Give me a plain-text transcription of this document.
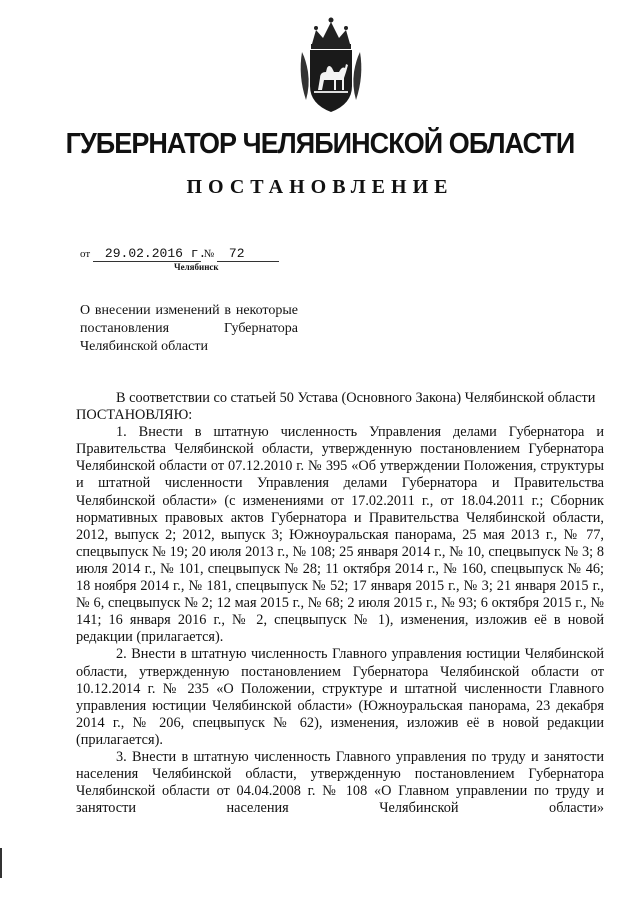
ГУБЕРНАТОР ЧЕЛЯБИНСКОЙ ОБЛАСТИ
ПОСТАНОВЛЕНИЕ
от 29.02.2016 г. № 72
Челябинск
О внесении изменений в некоторые постановления Губернатора Челябинской области

В соответствии со статьей 50 Устава (Основного Закона) Челябинской области

ПОСТАНОВЛЯЮ:

1. Внести в штатную численность Управления делами Губернатора и Правительства Челябинской области, утвержденную постановлением Губернатора Челябинской области от 07.12.2010 г. № 395 «Об утверждении Положения, структуры и штатной численности Управления делами Губернатора и Правительства Челябинской области» (с изменениями от 17.02.2011 г., от 18.04.2011 г.; Сборник нормативных правовых актов Губернатора и Правительства Челябинской области, 2012, выпуск 2; 2012, выпуск 3; Южноуральская панорама, 25 мая 2013 г., № 77, спецвыпуск № 19; 20 июля 2013 г., № 108; 25 января 2014 г., № 10, спецвыпуск № 3; 8 июля 2014 г., № 101, спецвыпуск № 28; 11 октября 2014 г., № 160, спецвыпуск № 46; 18 ноября 2014 г., № 181, спецвыпуск № 52; 17 января 2015 г., № 3; 21 января 2015 г., № 6, спецвыпуск № 2; 12 мая 2015 г., № 68; 2 июля 2015 г., № 93; 6 октября 2015 г., № 141; 16 января 2016 г., № 2, спецвыпуск № 1), изменения, изложив её в новой редакции (прилагается).

2. Внести в штатную численность Главного управления юстиции Челябинской области, утвержденную постановлением Губернатора Челябинской области от 10.12.2014 г. № 235 «О Положении, структуре и штатной численности Главного управления юстиции Челябинской области» (Южноуральская панорама, 23 декабря 2014 г., № 206, спецвыпуск № 62), изменения, изложив её в новой редакции (прилагается).

3. Внести в штатную численность Главного управления по труду и занятости населения Челябинской области, утвержденную постановлением Губернатора Челябинской области от 04.04.2008 г. № 108 «О Главном управлении по труду и занятости населения Челябинской области»
